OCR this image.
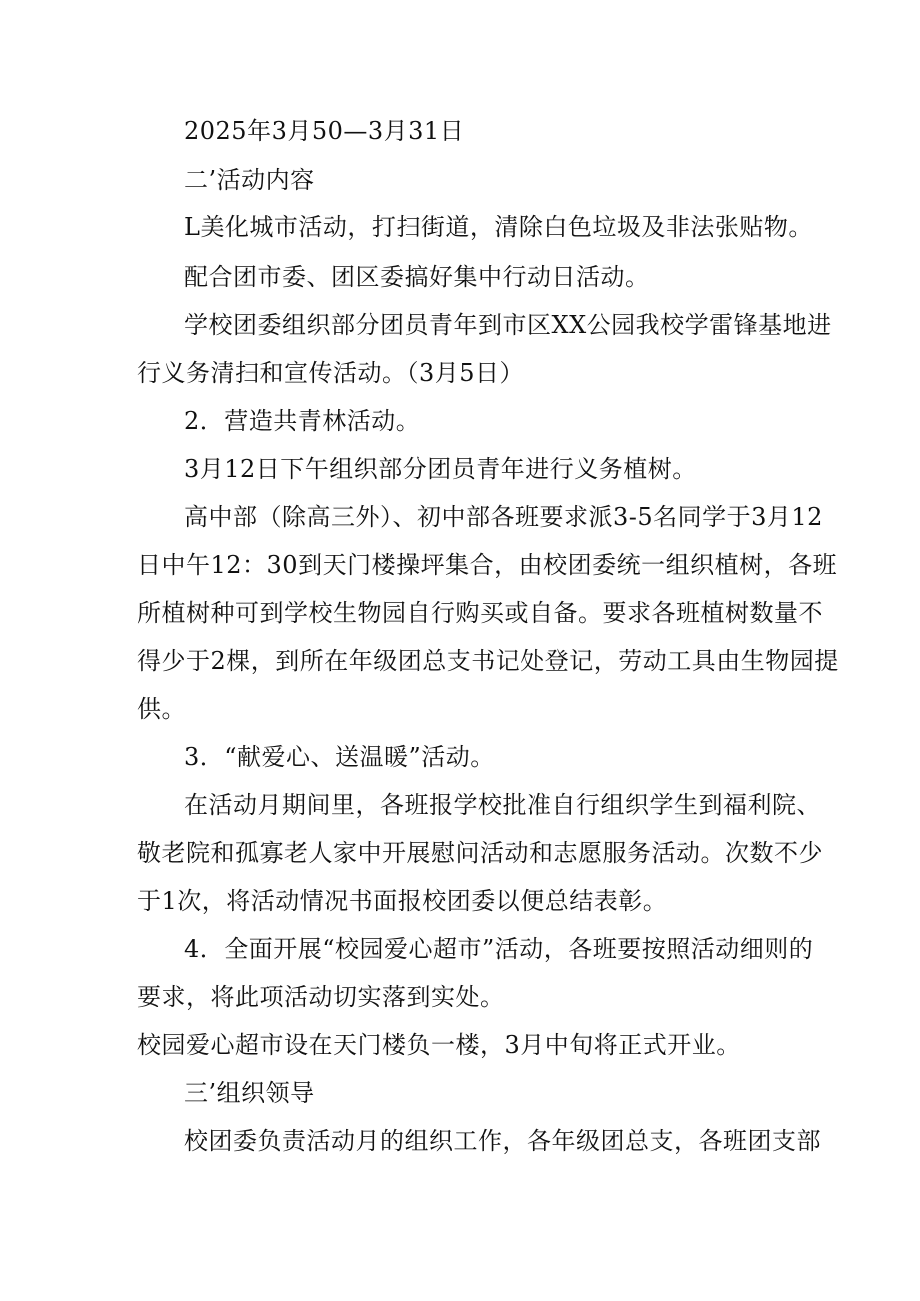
2025年3月50—3月31日

二’活动内容

L美化城市活动，打扫街道，清除白色垃圾及非法张贴物。

配合团市委、团区委搞好集中行动日活动。

学校团委组织部分团员青年到市区XX公园我校学雷锋基地进

行义务清扫和宣传活动。（3月5日）

2．营造共青林活动。

3月12日下午组织部分团员青年进行义务植树。

高中部（除高三外）、初中部各班要求派3-5名同学于3月12

日中午12：30到天门楼操坪集合，由校团委统一组织植树，各班

所植树种可到学校生物园自行购买或自备。要求各班植树数量不

得少于2棵，到所在年级团总支书记处登记，劳动工具由生物园提

供。

3．“献爱心、送温暖”活动。

在活动月期间里，各班报学校批准自行组织学生到福利院、

敬老院和孤寡老人家中开展慰问活动和志愿服务活动。次数不少

于1次，将活动情况书面报校团委以便总结表彰。

4．全面开展“校园爱心超市”活动，各班要按照活动细则的

要求，将此项活动切实落到实处。

校园爱心超市设在天门楼负一楼，3月中旬将正式开业。

三’组织领导

校团委负责活动月的组织工作，各年级团总支，各班团支部
